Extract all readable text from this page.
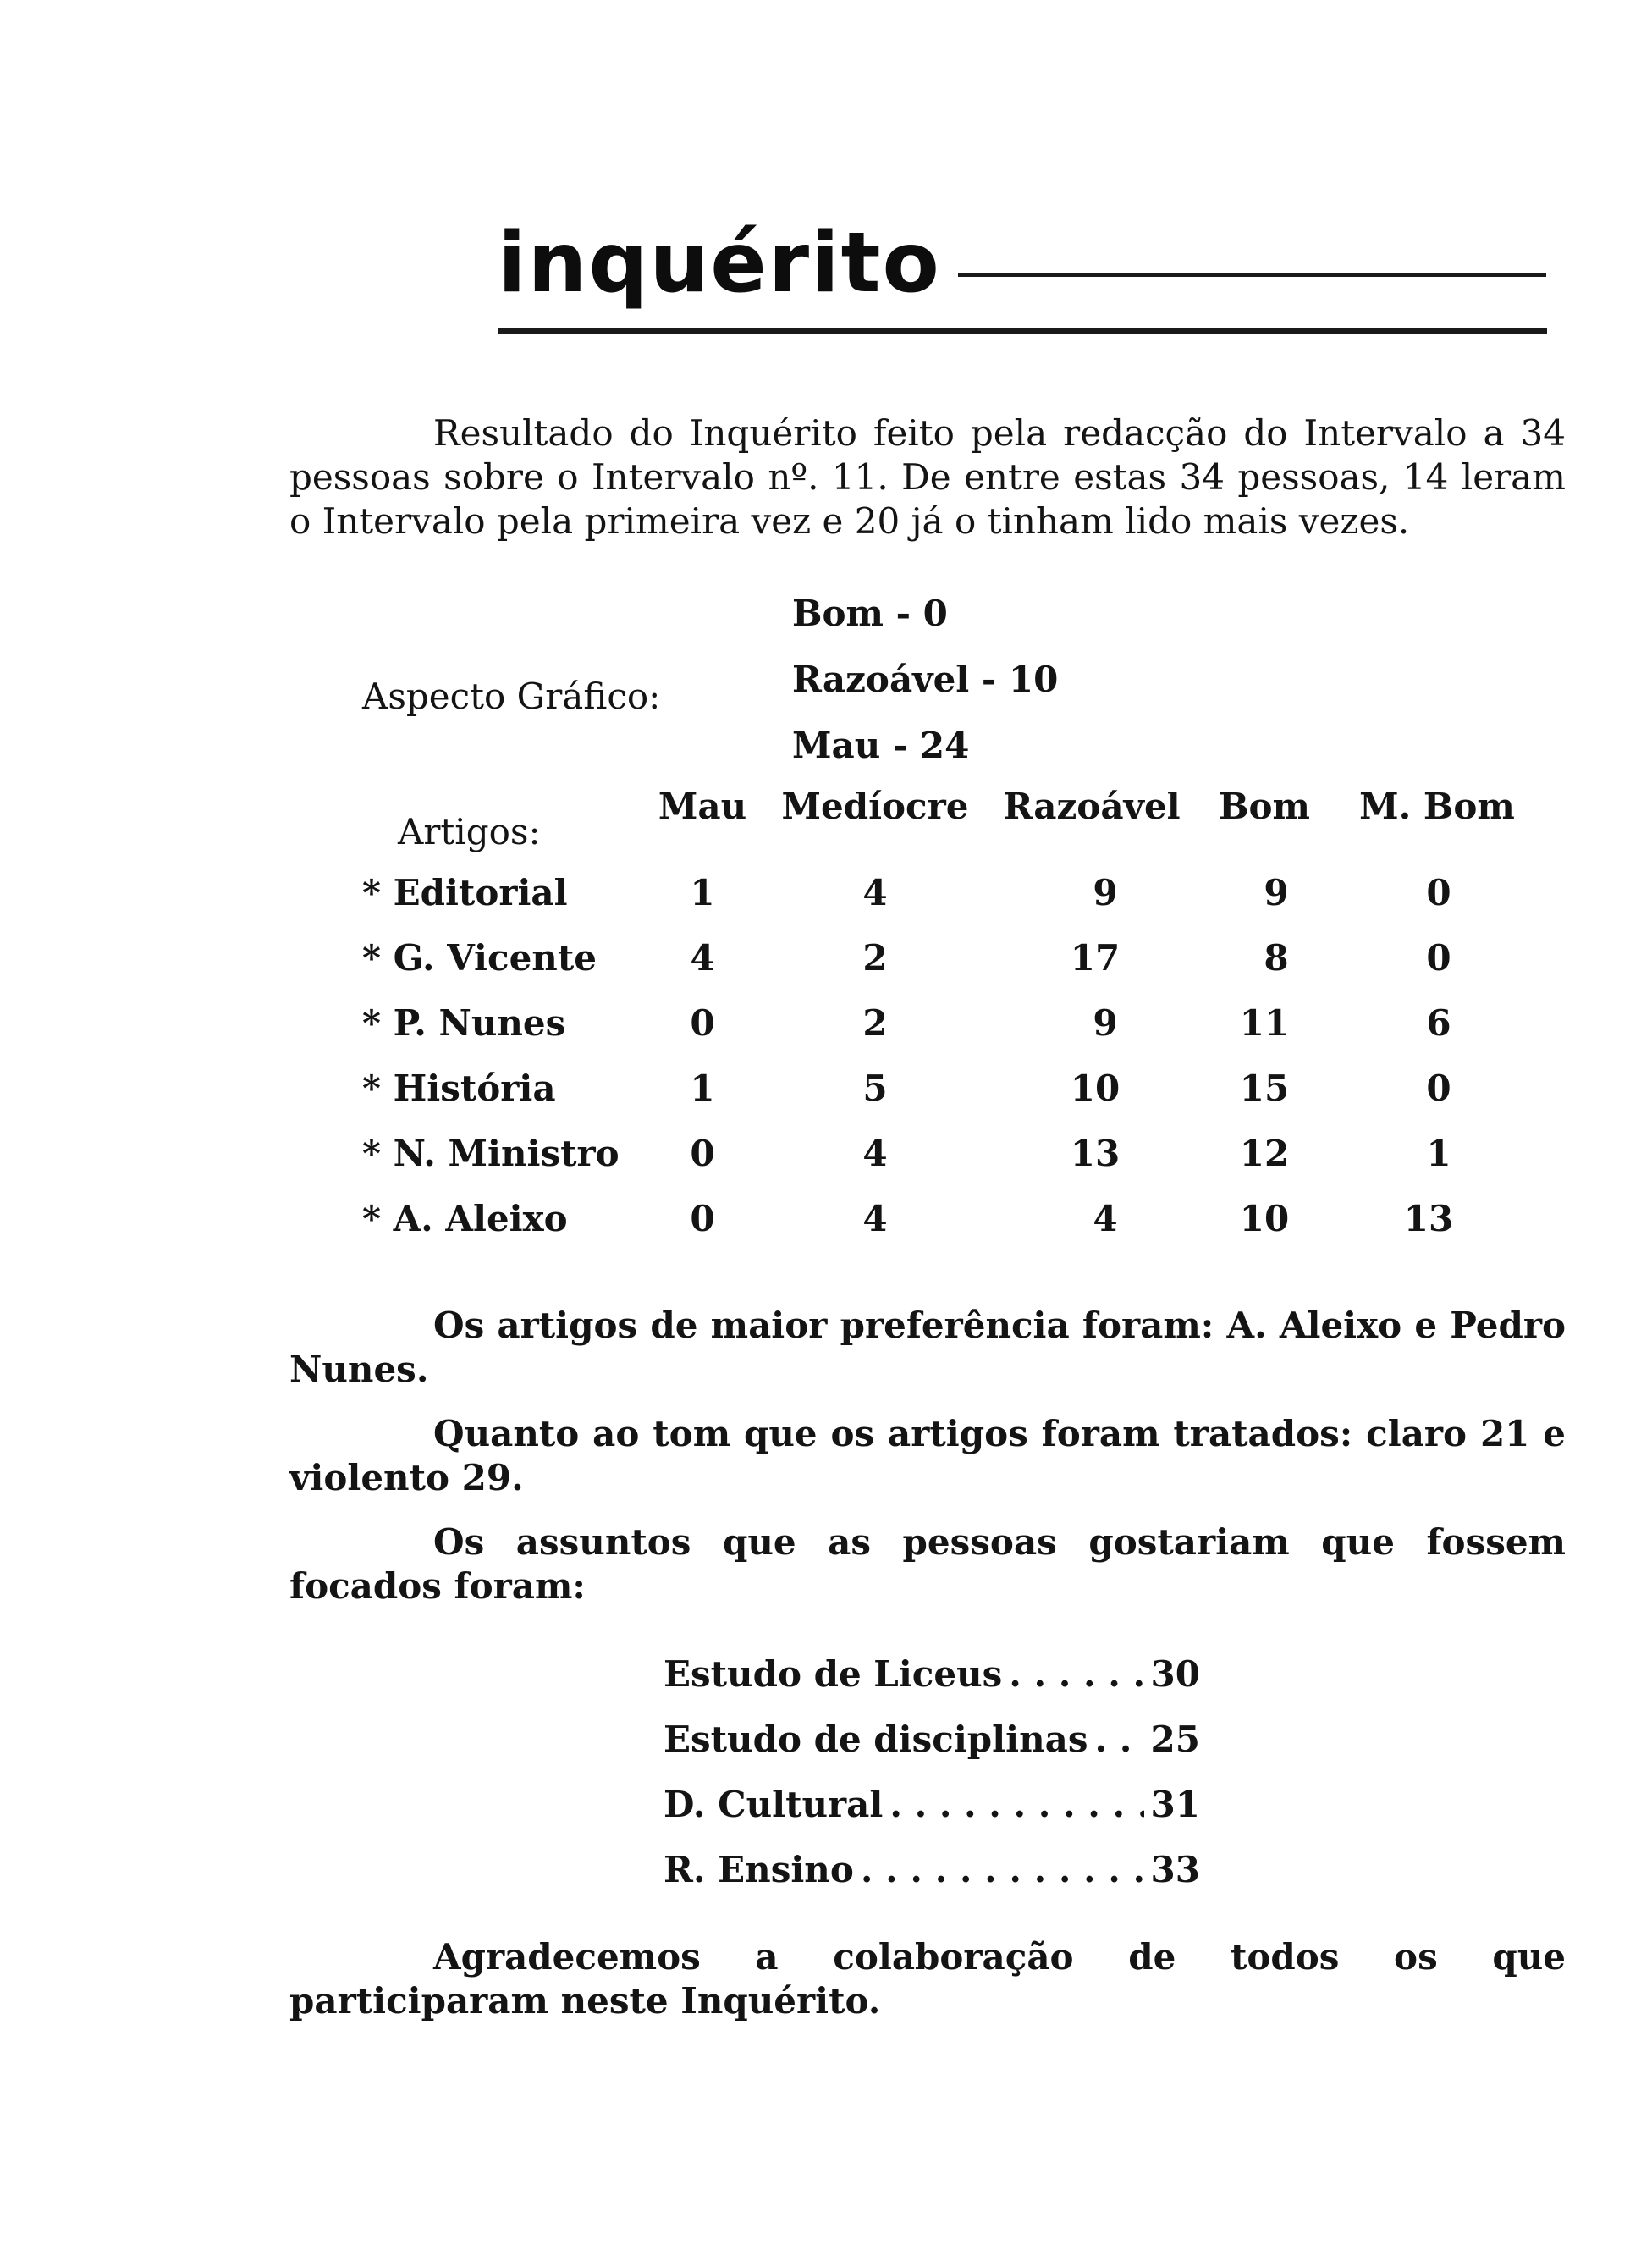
inquérito

Resultado do Inquérito feito pela redacção do Intervalo a 34 pessoas sobre o Intervalo nº. 11. De entre estas 34 pessoas, 14 leram o Intervalo pela primeira vez e 20 já o tinham lido mais vezes.

Aspecto Gráfico:
Bom - 0
Razoável - 10
Mau - 24
Artigos:
Mau Medíocre Razoável Bom M. Bom
* Editorial	1	4	9	9	0
* G. Vicente	4	2	17	8	0
* P. Nunes	0	2	9	11	6
* História	1	5	10	15	0
* N. Ministro 0	4	13	12	1
* A. Aleixo	0	4	4	10	13

Os artigos de maior preferência foram: A. Aleixo e Pedro Nunes.

Quanto ao tom que os artigos foram tratados: claro 21 e violento 29.

Os assuntos que as pessoas gostariam que fossem focados foram:

Estudo de Liceus . . .	30
Estudo de disciplinas . . . 25
D. Cultural . . .	31
R. Ensino . . .	33

Agradecemos a colaboração de todos os que participaram neste Inquérito.
